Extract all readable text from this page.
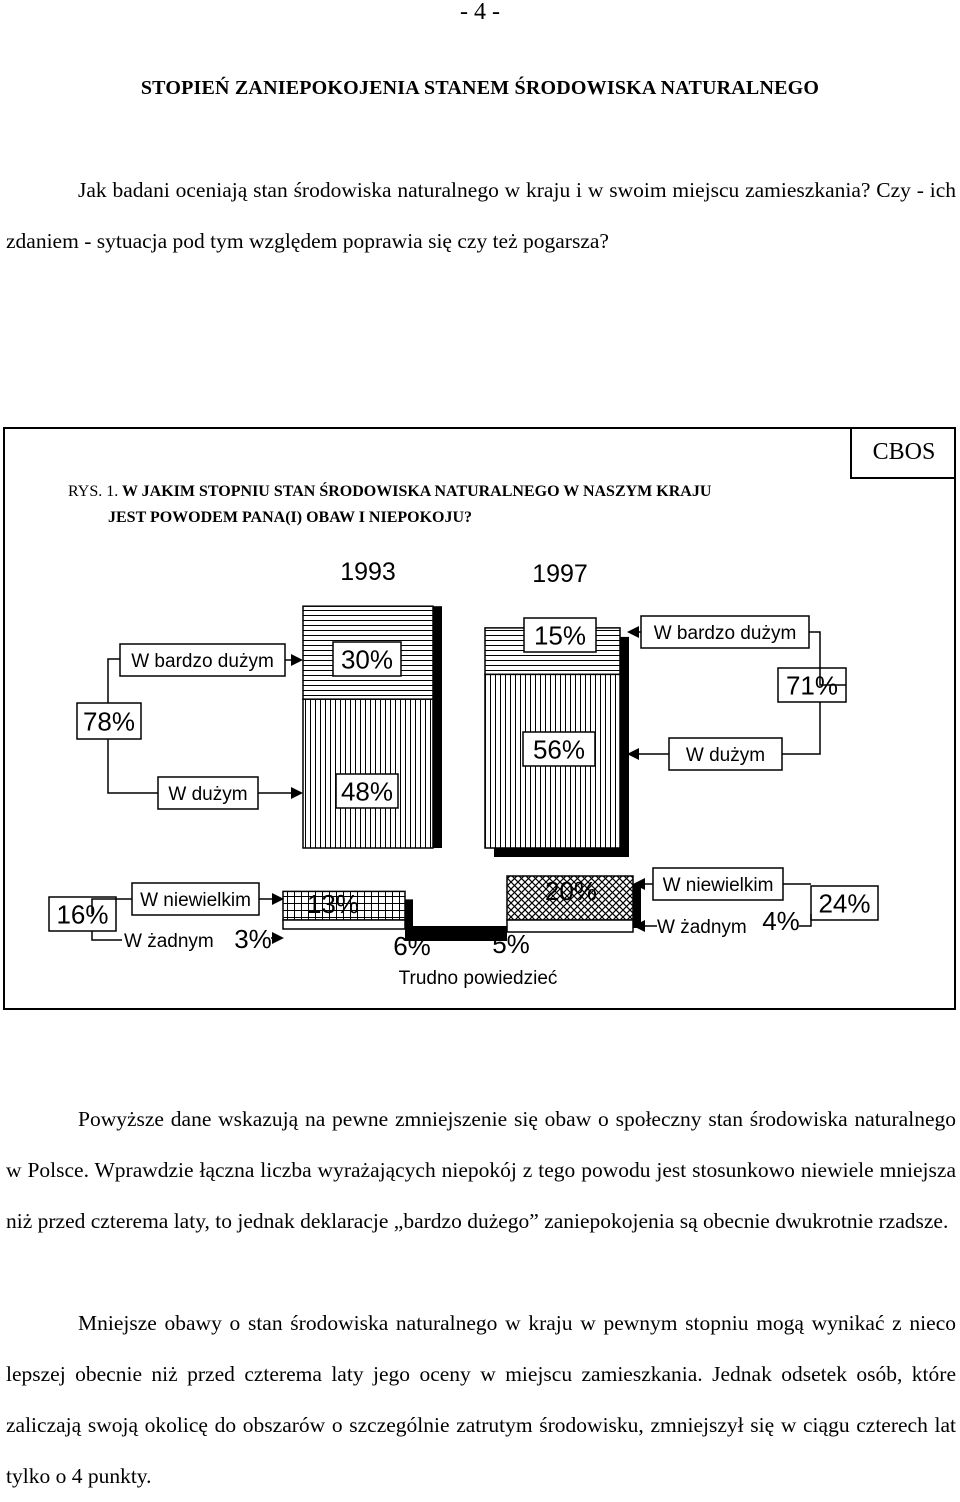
- 4 -
STOPIEŃ ZANIEPOKOJENIA STANEM ŚRODOWISKA NATURALNEGO
Jak badani oceniają stan środowiska naturalnego w kraju i w swoim miejscu zamieszkania? Czy - ich zdaniem - sytuacja pod tym względem poprawia się czy też pogarsza?
CBOS
RYS. 1. W JAKIM STOPNIU STAN ŚRODOWISKA NATURALNEGO W NASZYM KRAJU
JEST POWODEM PANA(I) OBAW I NIEPOKOJU?
1993	1997
30%
48%
15%
56%
13%	20%
3%
4%
6% 5%
78%
71%
16%	24%
W bardzo dużym
W dużym
W niewielkim
W żadnym
W bardzo dużym
W dużym
W niewielkim
W żadnym
Trudno powiedzieć
Powyższe dane wskazują na pewne zmniejszenie się obaw o społeczny stan środowiska naturalnego w Polsce. Wprawdzie łączna liczba wyrażających niepokój z tego powodu jest stosunkowo niewiele mniejsza niż przed czterema laty, to jednak deklaracje „bardzo dużego” zaniepokojenia są obecnie dwukrotnie rzadsze.
Mniejsze obawy o stan środowiska naturalnego w kraju w pewnym stopniu mogą wynikać z nieco lepszej obecnie niż przed czterema laty jego oceny w miejscu zamieszkania. Jednak odsetek osób, które zaliczają swoją okolicę do obszarów o szczególnie zatrutym środowisku, zmniejszył się w ciągu czterech lat tylko o 4 punkty.
